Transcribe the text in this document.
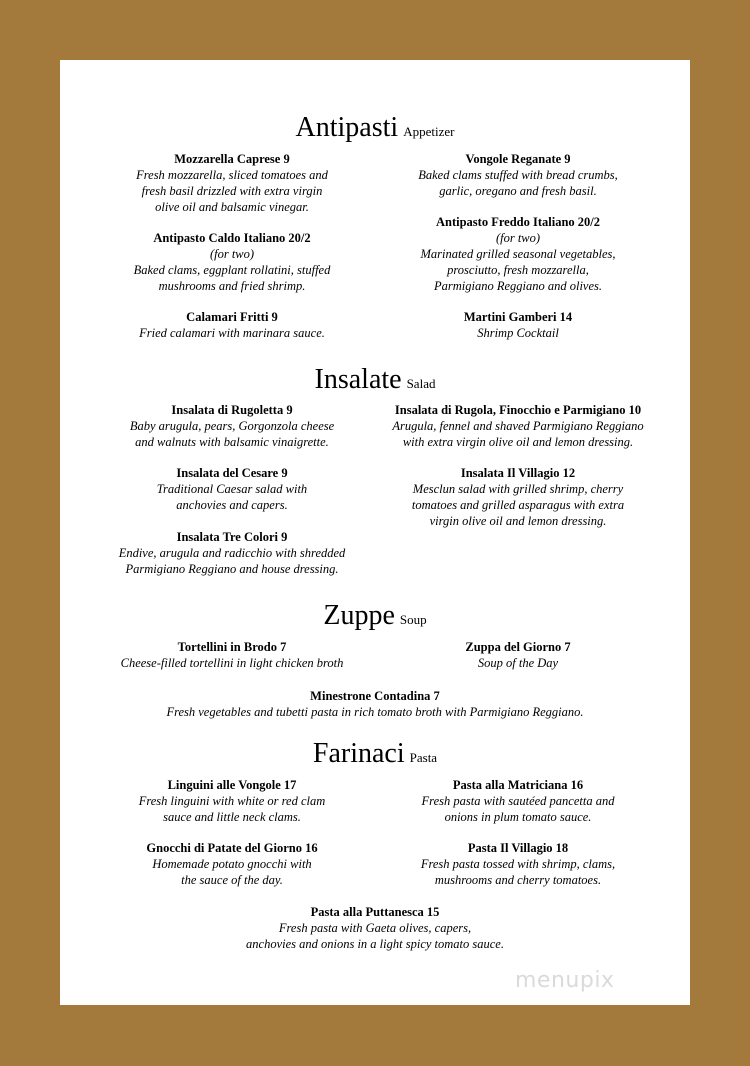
Antipasti Appetizer
Mozzarella Caprese 9
Fresh mozzarella, sliced tomatoes and
fresh basil drizzled with extra virgin
olive oil and balsamic vinegar.
Vongole Reganate 9
Baked clams stuffed with bread crumbs,
garlic, oregano and fresh basil.
Antipasto Caldo Italiano 20/2
(for two)
Baked clams, eggplant rollatini, stuffed
mushrooms and fried shrimp.
Antipasto Freddo Italiano 20/2
(for two)
Marinated grilled seasonal vegetables,
prosciutto, fresh mozzarella,
Parmigiano Reggiano and olives.
Calamari Fritti 9
Fried calamari with marinara sauce.
Martini Gamberi 14
Shrimp Cocktail
Insalate Salad
Insalata di Rugoletta 9
Baby arugula, pears, Gorgonzola cheese
and walnuts with balsamic vinaigrette.
Insalata di Rugola, Finocchio e Parmigiano 10
Arugula, fennel and shaved Parmigiano Reggiano
with extra virgin olive oil and lemon dressing.
Insalata del Cesare 9
Traditional Caesar salad with
anchovies and capers.
Insalata Il Villagio 12
Mesclun salad with grilled shrimp, cherry
tomatoes and grilled asparagus with extra
virgin olive oil and lemon dressing.
Insalata Tre Colori 9
Endive, arugula and radicchio with shredded
Parmigiano Reggiano and house dressing.
Zuppe Soup
Tortellini in Brodo 7
Cheese-filled tortellini in light chicken broth
Zuppa del Giorno 7
Soup of the Day
Minestrone Contadina 7
Fresh vegetables and tubetti pasta in rich tomato broth with Parmigiano Reggiano.
Farinaci Pasta
Linguini alle Vongole 17
Fresh linguini with white or red clam
sauce and little neck clams.
Pasta alla Matriciana 16
Fresh pasta with sautéed pancetta and
onions in plum tomato sauce.
Gnocchi di Patate del Giorno 16
Homemade potato gnocchi with
the sauce of the day.
Pasta Il Villagio 18
Fresh pasta tossed with shrimp, clams,
mushrooms and cherry tomatoes.
Pasta alla Puttanesca 15
Fresh pasta with Gaeta olives, capers,
anchovies and onions in a light spicy tomato sauce.
menupix
